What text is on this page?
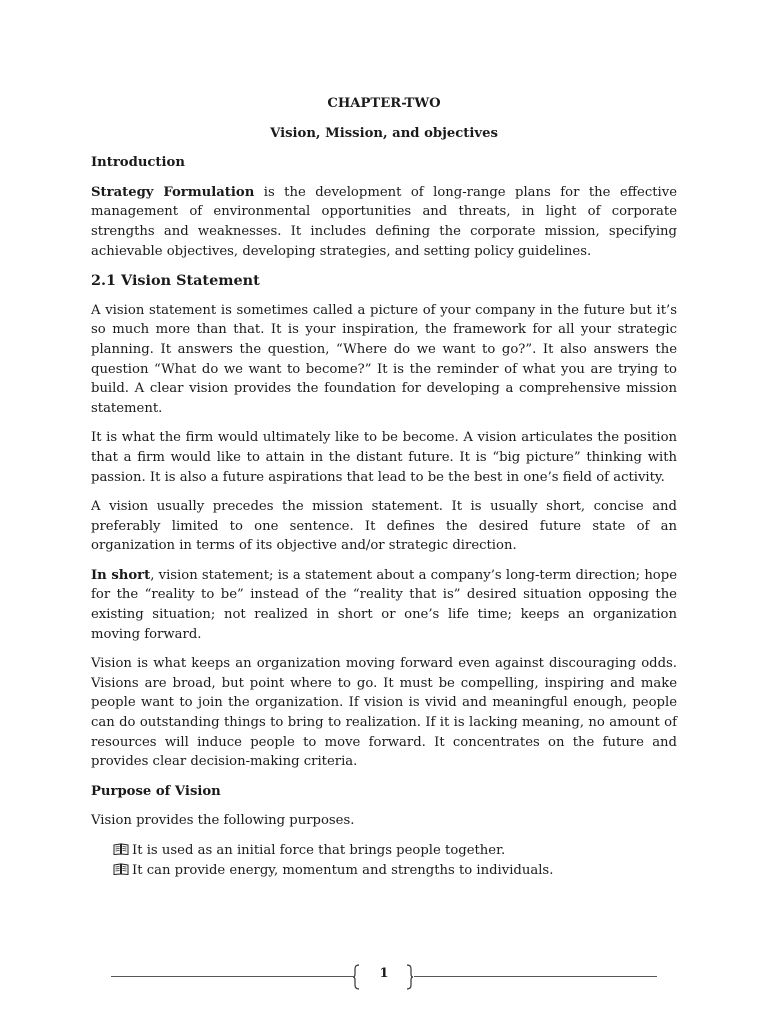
CHAPTER-TWO

Vision, Mission, and objectives

Introduction

Strategy Formulation is the development of long-range plans for the effective management of environmental opportunities and threats, in light of corporate strengths and weaknesses. It includes defining the corporate mission, specifying achievable objectives, developing strategies, and setting policy guidelines.

2.1 Vision Statement

A vision statement is sometimes called a picture of your company in the future but it’s so much more than that. It is your inspiration, the framework for all your strategic planning. It answers the question, “Where do we want to go?”. It also answers the question “What do we want to become?” It is the reminder of what you are trying to build. A clear vision provides the foundation for developing a comprehensive mission statement.

It is what the firm would ultimately like to be become. A vision articulates the position that a firm would like to attain in the distant future. It is “big picture” thinking with passion. It is also a future aspirations that lead to be the best in one’s field of activity.

A vision usually precedes the mission statement. It is usually short, concise and preferably limited to one sentence. It defines the desired future state of an organization in terms of its objective and/or strategic direction.

In short, vision statement; is a statement about a company’s long-term direction; hope for the “reality to be” instead of the “reality that is” desired situation opposing the existing situation; not realized in short or one’s life time; keeps an organization moving forward.

Vision is what keeps an organization moving forward even against discouraging odds. Visions are broad, but point where to go. It must be compelling, inspiring and make people want to join the organization. If vision is vivid and meaningful enough, people can do outstanding things to bring to realization. If it is lacking meaning, no amount of resources will induce people to move forward. It concentrates on the future and provides clear decision-making criteria.

Purpose of Vision

Vision provides the following purposes.

It is used as an initial force that brings people together.
It can provide energy, momentum and strengths to individuals.
1
